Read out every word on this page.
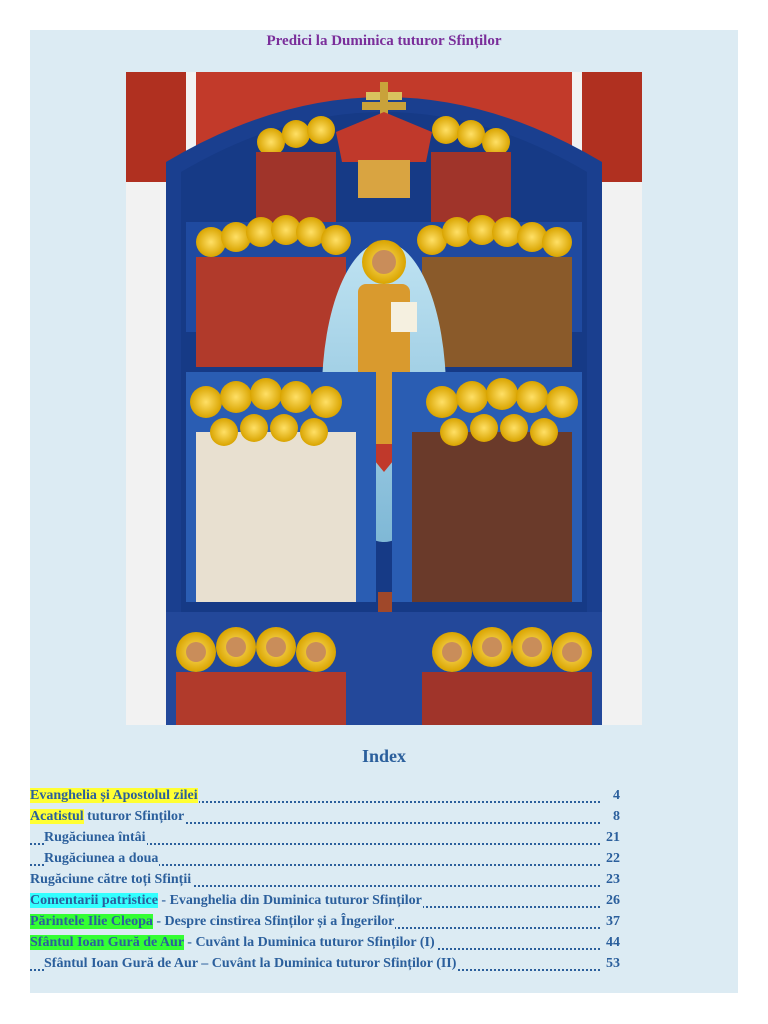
Predici la Duminica tuturor Sfinților
Index
Evanghelia și Apostolul zilei	4
Acatistul tuturor Sfinților	8
Rugăciunea întâi	21
Rugăciunea a doua	22
Rugăciune către toți Sfinții	23
Comentarii patristice - Evanghelia din Duminica tuturor Sfinților	26
Părintele Ilie Cleopa - Despre cinstirea Sfinților și a Îngerilor	37
Sfântul Ioan Gură de Aur - Cuvânt la Duminica tuturor Sfinților (I)	44
Sfântul Ioan Gură de Aur – Cuvânt la Duminica tuturor Sfinților (II)	53
